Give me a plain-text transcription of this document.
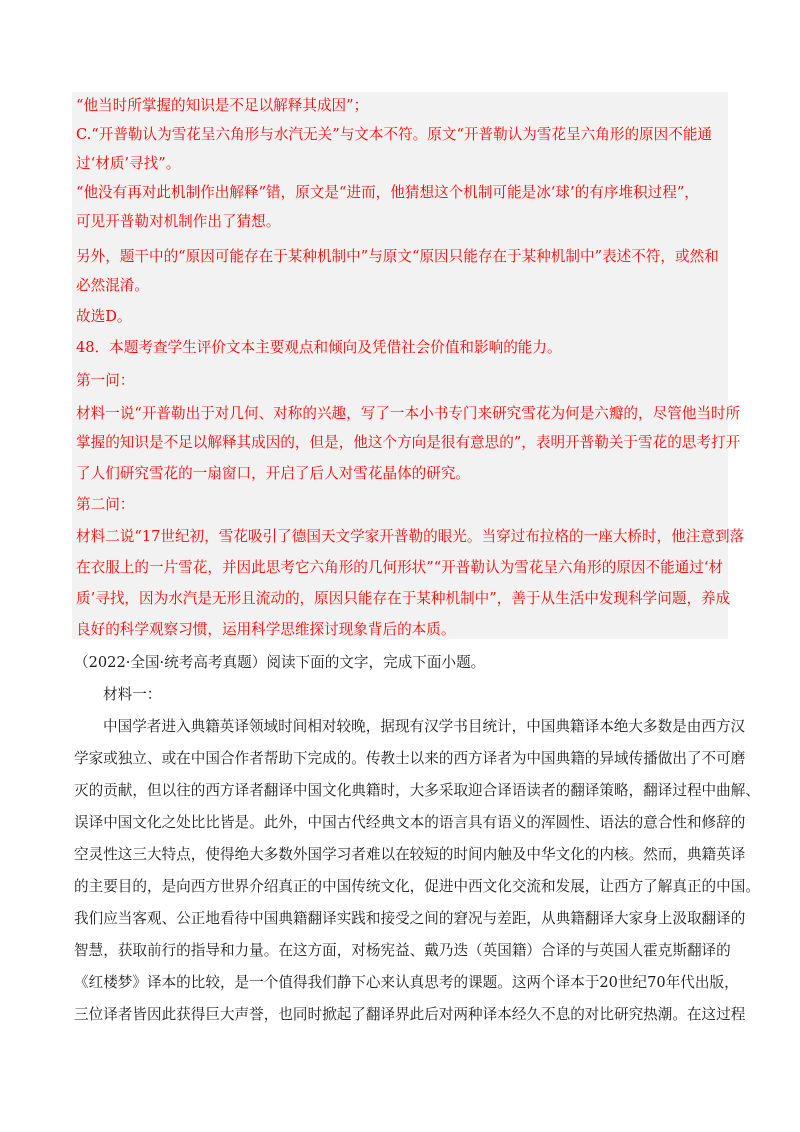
“他当时所掌握的知识是不足以解释其成因”；
C.“开普勒认为雪花呈六角形与水汽无关”与文本不符。原文“开普勒认为雪花呈六角形的原因不能通
过‘材质’寻找”。
“他没有再对此机制作出解释”错，原文是“进而，他猜想这个机制可能是冰‘球’的有序堆积过程”，
可见开普勒对机制作出了猜想。
另外，题干中的“原因可能存在于某种机制中”与原文“原因只能存在于某种机制中”表述不符，或然和
必然混淆。
故选D。
48．本题考查学生评价文本主要观点和倾向及凭借社会价值和影响的能力。
第一问：
材料一说“开普勒出于对几何、对称的兴趣，写了一本小书专门来研究雪花为何是六瓣的，尽管他当时所
掌握的知识是不足以解释其成因的，但是，他这个方向是很有意思的”，表明开普勒关于雪花的思考打开
了人们研究雪花的一扇窗口，开启了后人对雪花晶体的研究。
第二问：
材料二说“17世纪初，雪花吸引了德国天文学家开普勒的眼光。当穿过布拉格的一座大桥时，他注意到落
在衣服上的一片雪花，并因此思考它六角形的几何形状”“开普勒认为雪花呈六角形的原因不能通过‘材
质’寻找，因为水汽是无形且流动的，原因只能存在于某种机制中”，善于从生活中发现科学问题，养成
良好的科学观察习惯，运用科学思维探讨现象背后的本质。
（2022·全国·统考高考真题）阅读下面的文字，完成下面小题。
材料一：
中国学者进入典籍英译领域时间相对较晚，据现有汉学书目统计，中国典籍译本绝大多数是由西方汉
学家或独立、或在中国合作者帮助下完成的。传教士以来的西方译者为中国典籍的异域传播做出了不可磨
灭的贡献，但以往的西方译者翻译中国文化典籍时，大多采取迎合译语读者的翻译策略，翻译过程中曲解、
误译中国文化之处比比皆是。此外，中国古代经典文本的语言具有语义的浑圆性、语法的意合性和修辞的
空灵性这三大特点，使得绝大多数外国学习者难以在较短的时间内触及中华文化的内核。然而，典籍英译
的主要目的，是向西方世界介绍真正的中国传统文化，促进中西文化交流和发展，让西方了解真正的中国。
我们应当客观、公正地看待中国典籍翻译实践和接受之间的窘况与差距，从典籍翻译大家身上汲取翻译的
智慧，获取前行的指导和力量。在这方面，对杨宪益、戴乃迭（英国籍）合译的与英国人霍克斯翻译的
《红楼梦》译本的比较，是一个值得我们静下心来认真思考的课题。这两个译本于20世纪70年代出版，
三位译者皆因此获得巨大声誉，也同时掀起了翻译界此后对两种译本经久不息的对比研究热潮。在这过程
